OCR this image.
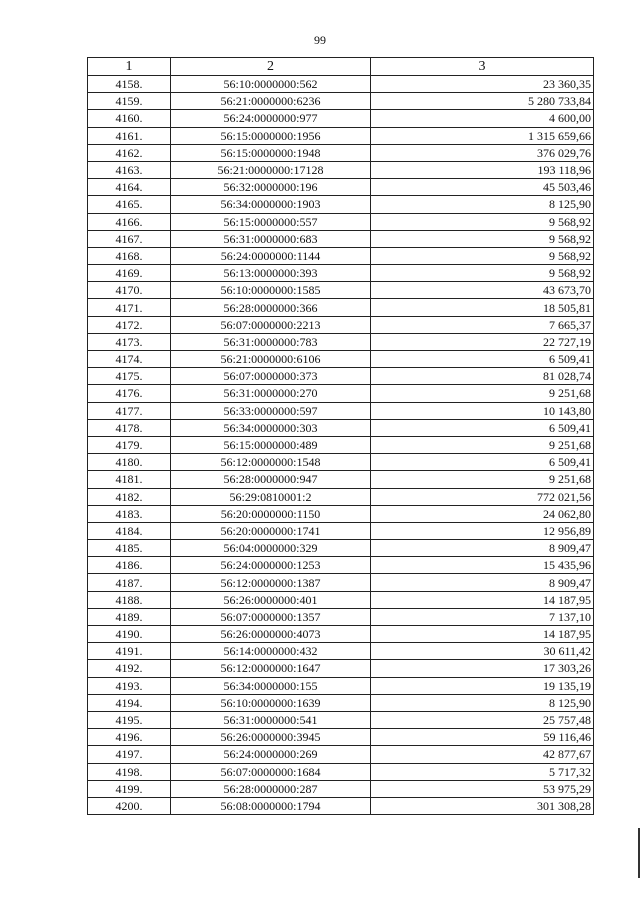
99
1	2	3
4158.	56:10:0000000:562	23 360,35
4159.	56:21:0000000:6236	5 280 733,84
4160.	56:24:0000000:977	4 600,00
4161.	56:15:0000000:1956	1 315 659,66
4162.	56:15:0000000:1948	376 029,76
4163.	56:21:0000000:17128	193 118,96
4164.	56:32:0000000:196	45 503,46
4165.	56:34:0000000:1903	8 125,90
4166.	56:15:0000000:557	9 568,92
4167.	56:31:0000000:683	9 568,92
4168.	56:24:0000000:1144	9 568,92
4169.	56:13:0000000:393	9 568,92
4170.	56:10:0000000:1585	43 673,70
4171.	56:28:0000000:366	18 505,81
4172.	56:07:0000000:2213	7 665,37
4173.	56:31:0000000:783	22 727,19
4174.	56:21:0000000:6106	6 509,41
4175.	56:07:0000000:373	81 028,74
4176.	56:31:0000000:270	9 251,68
4177.	56:33:0000000:597	10 143,80
4178.	56:34:0000000:303	6 509,41
4179.	56:15:0000000:489	9 251,68
4180.	56:12:0000000:1548	6 509,41
4181.	56:28:0000000:947	9 251,68
4182.	56:29:0810001:2	772 021,56
4183.	56:20:0000000:1150	24 062,80
4184.	56:20:0000000:1741	12 956,89
4185.	56:04:0000000:329	8 909,47
4186.	56:24:0000000:1253	15 435,96
4187.	56:12:0000000:1387	8 909,47
4188.	56:26:0000000:401	14 187,95
4189.	56:07:0000000:1357	7 137,10
4190.	56:26:0000000:4073	14 187,95
4191.	56:14:0000000:432	30 611,42
4192.	56:12:0000000:1647	17 303,26
4193.	56:34:0000000:155	19 135,19
4194.	56:10:0000000:1639	8 125,90
4195.	56:31:0000000:541	25 757,48
4196.	56:26:0000000:3945	59 116,46
4197.	56:24:0000000:269	42 877,67
4198.	56:07:0000000:1684	5 717,32
4199.	56:28:0000000:287	53 975,29
4200.	56:08:0000000:1794	301 308,28
